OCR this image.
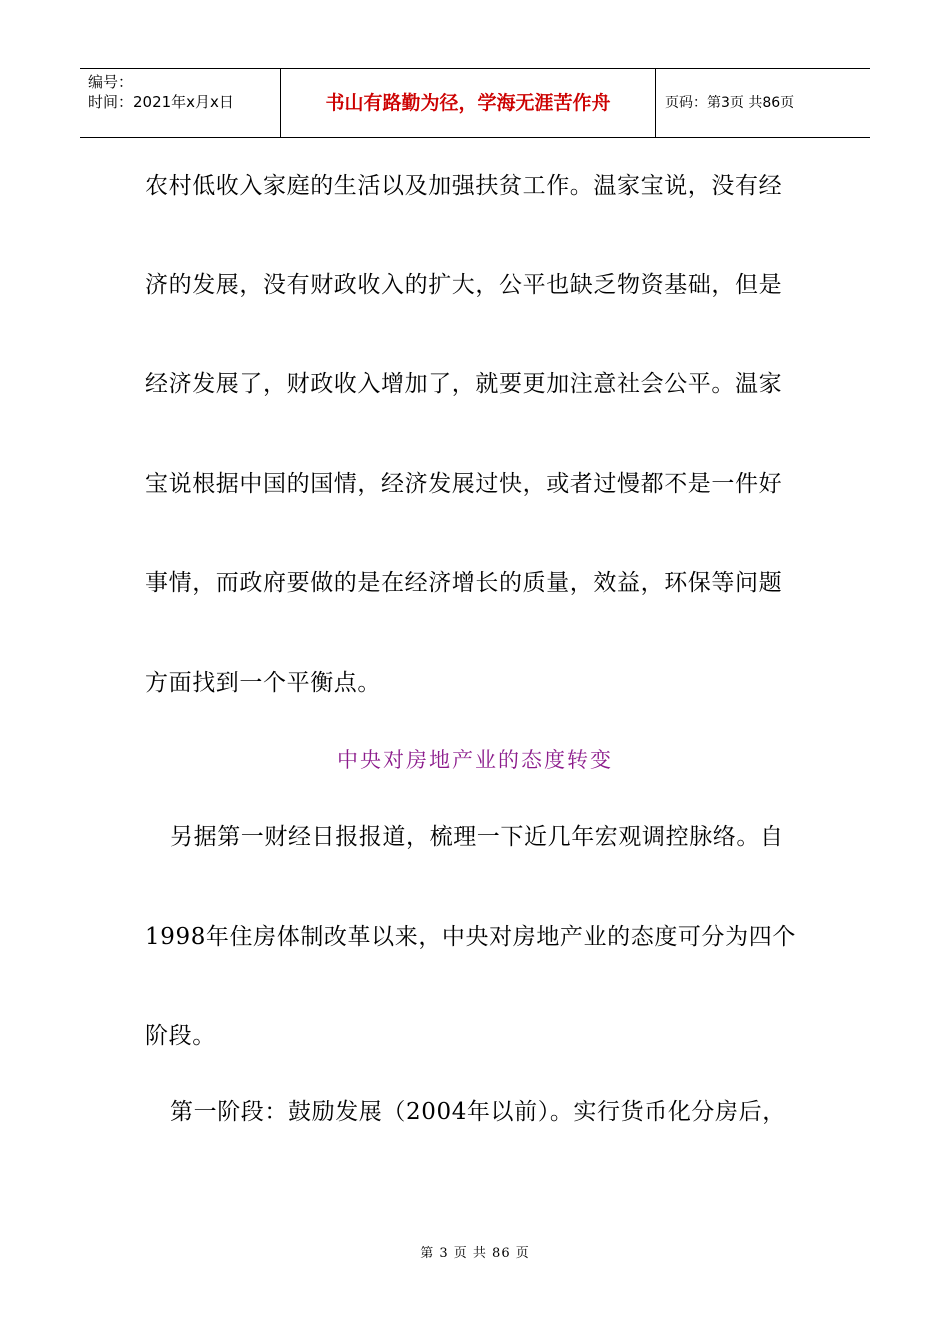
编号：
时间：2021年x月x日	书山有路勤为径，学海无涯苦作舟	页码：第3页 共86页
农村低收入家庭的生活以及加强扶贫工作。温家宝说，没有经
济的发展，没有财政收入的扩大，公平也缺乏物资基础，但是
经济发展了，财政收入增加了，就要更加注意社会公平。温家
宝说根据中国的国情，经济发展过快，或者过慢都不是一件好
事情，而政府要做的是在经济增长的质量，效益，环保等问题
方面找到一个平衡点。
中央对房地产业的态度转变
另据第一财经日报报道，梳理一下近几年宏观调控脉络。自
1998年住房体制改革以来，中央对房地产业的态度可分为四个
阶段。
第一阶段：鼓励发展（2004年以前）。实行货币化分房后，
第 3 页 共 86 页
